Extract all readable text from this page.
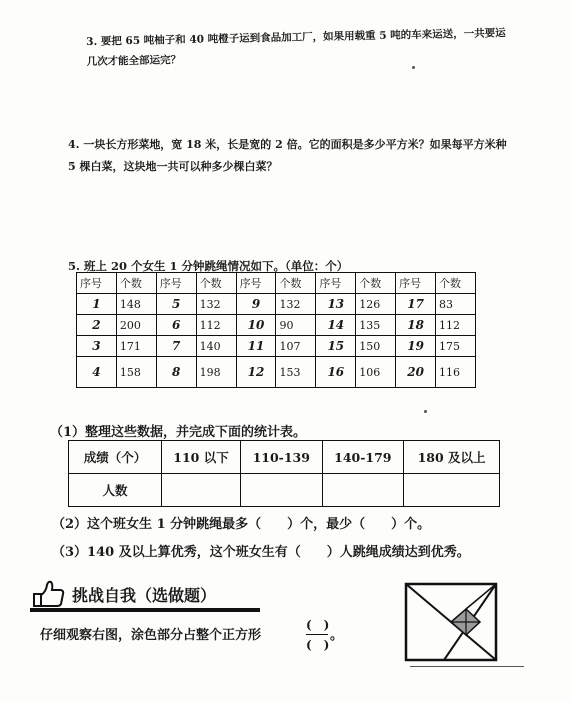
3. 要把 65 吨柚子和 40 吨橙子运到食品加工厂，如果用载重 5 吨的车来运送，一共要运几次才能全部运完？
4. 一块长方形菜地，宽 18 米，长是宽的 2 倍。它的面积是多少平方米？如果每平方米种 5 棵白菜，这块地一共可以种多少棵白菜？
5. 班上 20 个女生 1 分钟跳绳情况如下。（单位：个）
序号	个数	序号	个数	序号	个数	序号	个数	序号	个数
1	148	5	132	9	132	13	126	17	83
2	200	6	112	10	90	14	135	18	112
3	171	7	140	11	107	15	150	19	175
4	158	8	198	12	153	16	106	20	116
（1）整理这些数据，并完成下面的统计表。
成绩（个）	110 以下	110-139	140-179	180 及以上
人数				
（2）这个班女生 1 分钟跳绳最多（　　）个，最少（　　）个。
（3）140 及以上算优秀，这个班女生有（　　）人跳绳成绩达到优秀。
挑战自我（选做题）
仔细观察右图，涂色部分占整个正方形
(　)
(　)
。
